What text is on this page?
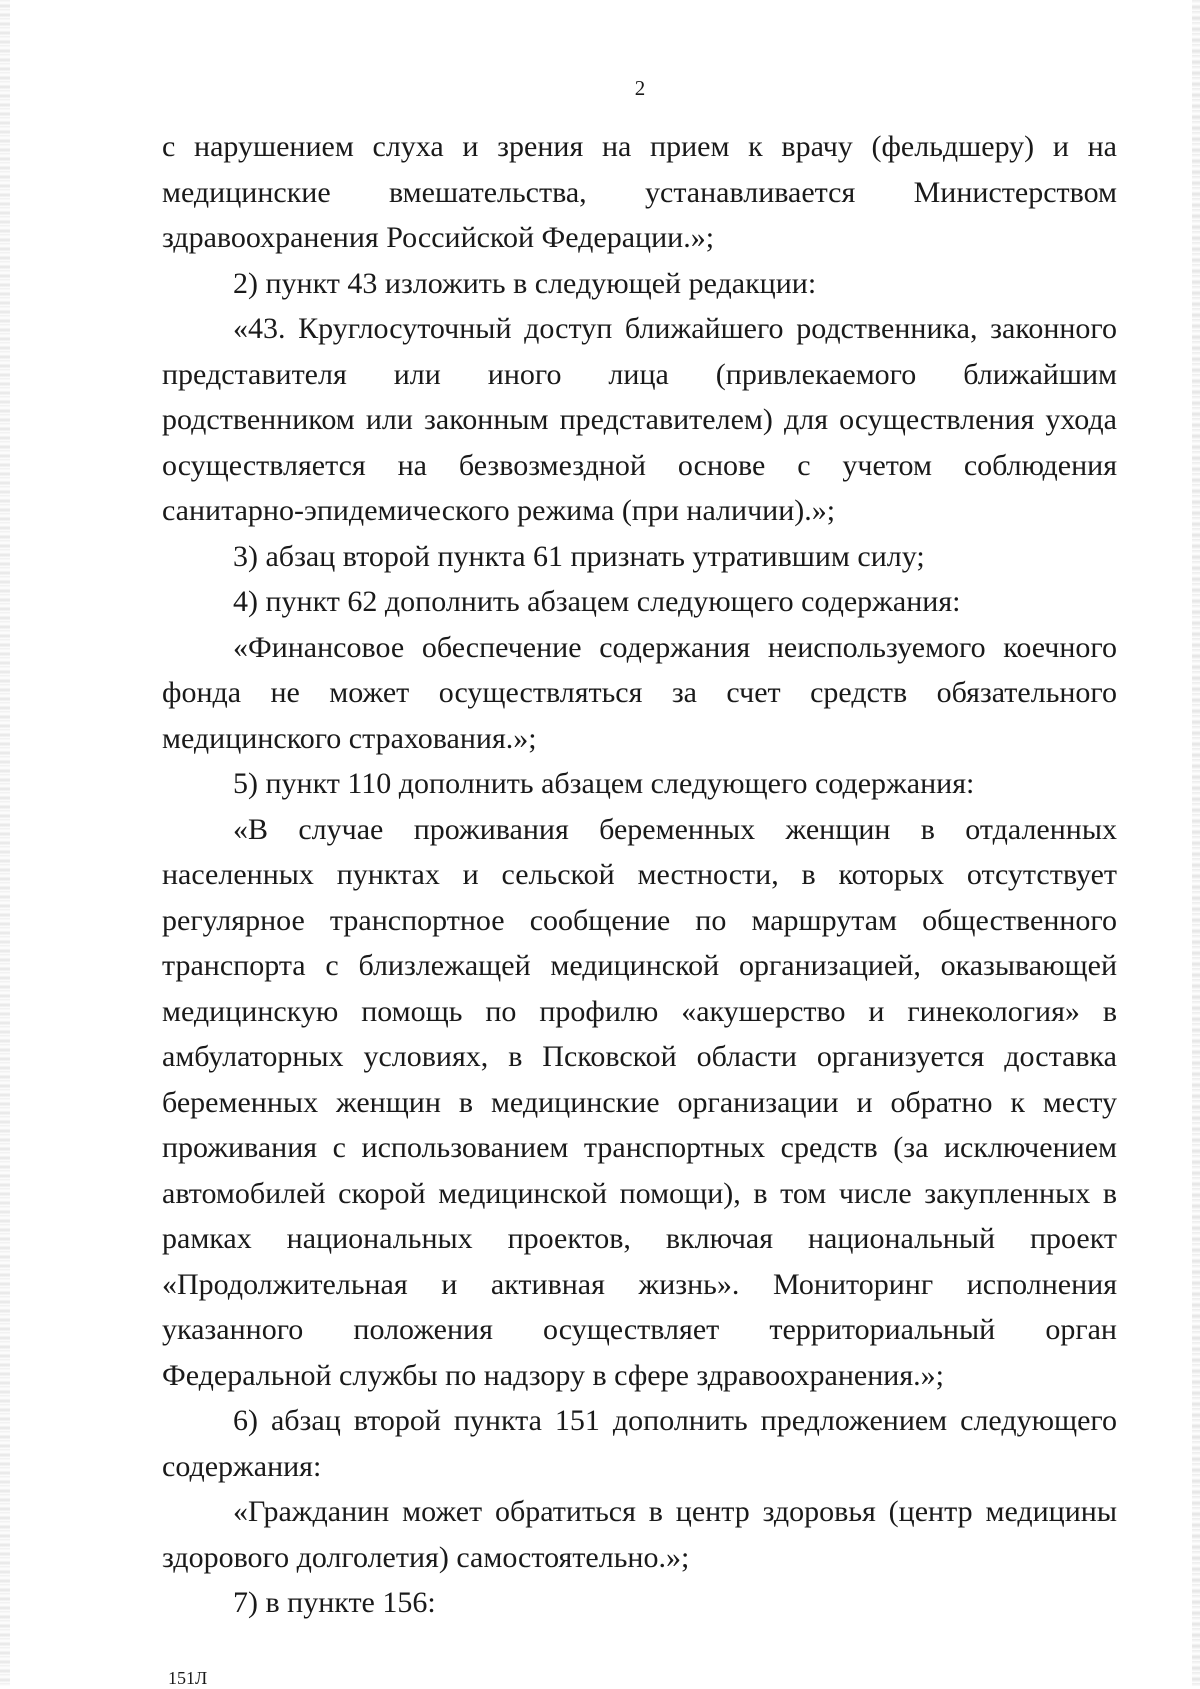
2

с нарушением слуха и зрения на прием к врачу (фельдшеру) и на медицинские вмешательства, устанавливается Министерством здравоохранения Российской Федерации.»;

2) пункт 43 изложить в следующей редакции:

«43. Круглосуточный доступ ближайшего родственника, законного представителя или иного лица (привлекаемого ближайшим родственником или законным представителем) для осуществления ухода осуществляется на безвозмездной основе с учетом соблюдения санитарно-эпидемического режима (при наличии).»;

3) абзац второй пункта 61 признать утратившим силу;

4) пункт 62 дополнить абзацем следующего содержания:

«Финансовое обеспечение содержания неиспользуемого коечного фонда не может осуществляться за счет средств обязательного медицинского страхования.»;

5) пункт 110 дополнить абзацем следующего содержания:

«В случае проживания беременных женщин в отдаленных населенных пунктах и сельской местности, в которых отсутствует регулярное транспортное сообщение по маршрутам общественного транспорта с близлежащей медицинской организацией, оказывающей медицинскую помощь по профилю «акушерство и гинекология» в амбулаторных условиях, в Псковской области организуется доставка беременных женщин в медицинские организации и обратно к месту проживания с использованием транспортных средств (за исключением автомобилей скорой медицинской помощи), в том числе закупленных в рамках национальных проектов, включая национальный проект «Продолжительная и активная жизнь». Мониторинг исполнения указанного положения осуществляет территориальный орган Федеральной службы по надзору в сфере здравоохранения.»;

6) абзац второй пункта 151 дополнить предложением следующего содержания:

«Гражданин может обратиться в центр здоровья (центр медицины здорового долголетия) самостоятельно.»;

7) в пункте 156:

151Л
